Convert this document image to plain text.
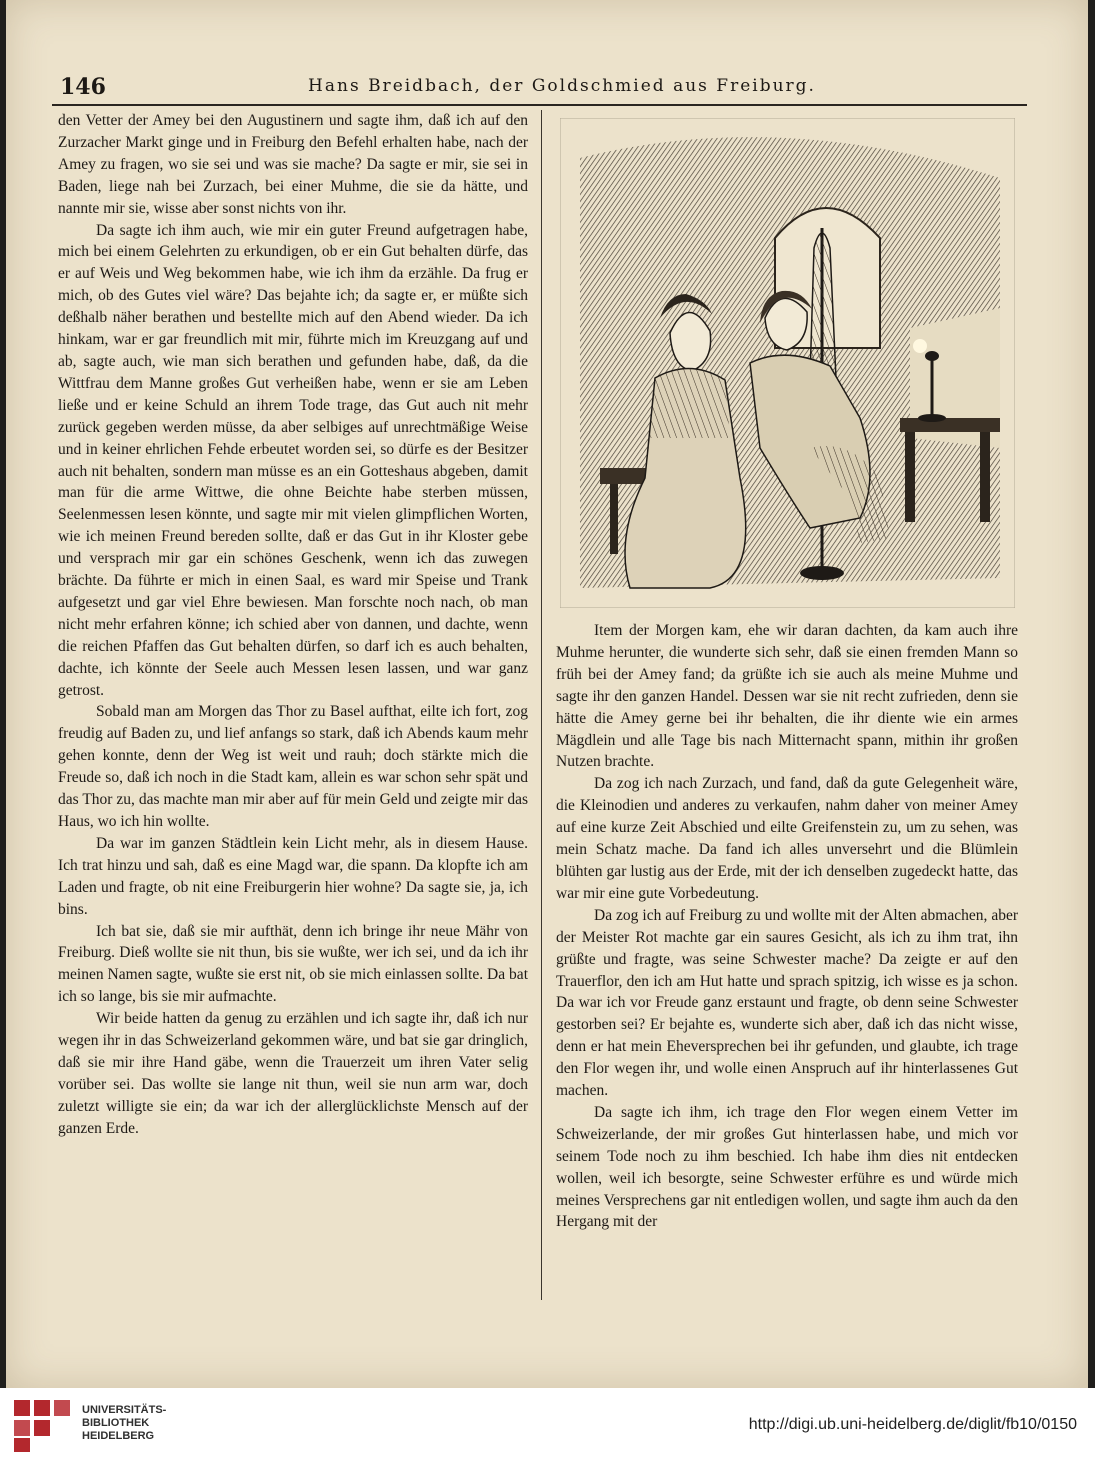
146	Hans Breidbach, der Goldschmied aus Freiburg.

den Vetter der Amey bei den Augustinern und sagte ihm, daß ich auf den Zurzacher Markt ginge und in Freiburg den Befehl erhalten habe, nach der Amey zu fragen, wo sie sei und was sie mache? Da sagte er mir, sie sei in Baden, liege nah bei Zurzach, bei einer Muhme, die sie da hätte, und nannte mir sie, wisse aber sonst nichts von ihr.

Da sagte ich ihm auch, wie mir ein guter Freund aufgetragen habe, mich bei einem Gelehrten zu erkundigen, ob er ein Gut behalten dürfe, das er auf Weis und Weg bekommen habe, wie ich ihm da erzähle. Da frug er mich, ob des Gutes viel wäre? Das bejahte ich; da sagte er, er müßte sich deßhalb näher berathen und bestellte mich auf den Abend wieder. Da ich hinkam, war er gar freundlich mit mir, führte mich im Kreuzgang auf und ab, sagte auch, wie man sich berathen und gefunden habe, daß, da die Wittfrau dem Manne großes Gut verheißen habe, wenn er sie am Leben ließe und er keine Schuld an ihrem Tode trage, das Gut auch nit mehr zurück gegeben werden müsse, da aber selbiges auf unrechtmäßige Weise und in keiner ehrlichen Fehde erbeutet worden sei, so dürfe es der Besitzer auch nit behalten, sondern man müsse es an ein Gotteshaus abgeben, damit man für die arme Wittwe, die ohne Beichte habe sterben müssen, Seelenmessen lesen könnte, und sagte mir mit vielen glimpflichen Worten, wie ich meinen Freund bereden sollte, daß er das Gut in ihr Kloster gebe und versprach mir gar ein schönes Geschenk, wenn ich das zuwegen brächte. Da führte er mich in einen Saal, es ward mir Speise und Trank aufgesetzt und gar viel Ehre bewiesen. Man forschte noch nach, ob man nicht mehr erfahren könne; ich schied aber von dannen, und dachte, wenn die reichen Pfaffen das Gut behalten dürfen, so darf ich es auch behalten, dachte, ich könnte der Seele auch Messen lesen lassen, und war ganz getrost.

Sobald man am Morgen das Thor zu Basel aufthat, eilte ich fort, zog freudig auf Baden zu, und lief anfangs so stark, daß ich Abends kaum mehr gehen konnte, denn der Weg ist weit und rauh; doch stärkte mich die Freude so, daß ich noch in die Stadt kam, allein es war schon sehr spät und das Thor zu, das machte man mir aber auf für mein Geld und zeigte mir das Haus, wo ich hin wollte.

Da war im ganzen Städtlein kein Licht mehr, als in diesem Hause. Ich trat hinzu und sah, daß es eine Magd war, die spann. Da klopfte ich am Laden und fragte, ob nit eine Freiburgerin hier wohne? Da sagte sie, ja, ich bins.

Ich bat sie, daß sie mir aufthät, denn ich bringe ihr neue Mähr von Freiburg. Dieß wollte sie nit thun, bis sie wußte, wer ich sei, und da ich ihr meinen Namen sagte, wußte sie erst nit, ob sie mich einlassen sollte. Da bat ich so lange, bis sie mir aufmachte.

Wir beide hatten da genug zu erzählen und ich sagte ihr, daß ich nur wegen ihr in das Schweizerland gekommen wäre, und bat sie gar dringlich, daß sie mir ihre Hand gäbe, wenn die Trauerzeit um ihren Vater selig vorüber sei. Das wollte sie lange nit thun, weil sie nun arm war, doch zuletzt willigte sie ein; da war ich der allerglücklichste Mensch auf der ganzen Erde.

Item der Morgen kam, ehe wir daran dachten, da kam auch ihre Muhme herunter, die wunderte sich sehr, daß sie einen fremden Mann so früh bei der Amey fand; da grüßte ich sie auch als meine Muhme und sagte ihr den ganzen Handel. Dessen war sie nit recht zufrieden, denn sie hätte die Amey gerne bei ihr behalten, die ihr diente wie ein armes Mägdlein und alle Tage bis nach Mitternacht spann, mithin ihr großen Nutzen brachte.

Da zog ich nach Zurzach, und fand, daß da gute Gelegenheit wäre, die Kleinodien und anderes zu verkaufen, nahm daher von meiner Amey auf eine kurze Zeit Abschied und eilte Greifenstein zu, um zu sehen, was mein Schatz mache. Da fand ich alles unversehrt und die Blümlein blühten gar lustig aus der Erde, mit der ich denselben zugedeckt hatte, das war mir eine gute Vorbedeutung.

Da zog ich auf Freiburg zu und wollte mit der Alten abmachen, aber der Meister Rot machte gar ein saures Gesicht, als ich zu ihm trat, ihn grüßte und fragte, was seine Schwester mache? Da zeigte er auf den Trauerflor, den ich am Hut hatte und sprach spitzig, ich wisse es ja schon. Da war ich vor Freude ganz erstaunt und fragte, ob denn seine Schwester gestorben sei? Er bejahte es, wunderte sich aber, daß ich das nicht wisse, denn er hat mein Eheversprechen bei ihr gefunden, und glaubte, ich trage den Flor wegen ihr, und wolle einen Anspruch auf ihr hinterlassenes Gut machen.

Da sagte ich ihm, ich trage den Flor wegen einem Vetter im Schweizerlande, der mir großes Gut hinterlassen habe, und mich vor seinem Tode noch zu ihm beschied. Ich habe ihm dies nit entdecken wollen, weil ich besorgte, seine Schwester erführe es und würde mich meines Versprechens gar nit entledigen wollen, und sagte ihm auch da den Hergang mit der

UNIVERSITÄTS-
BIBLIOTHEK
HEIDELBERG
http://digi.ub.uni-heidelberg.de/diglit/fb10/0150
